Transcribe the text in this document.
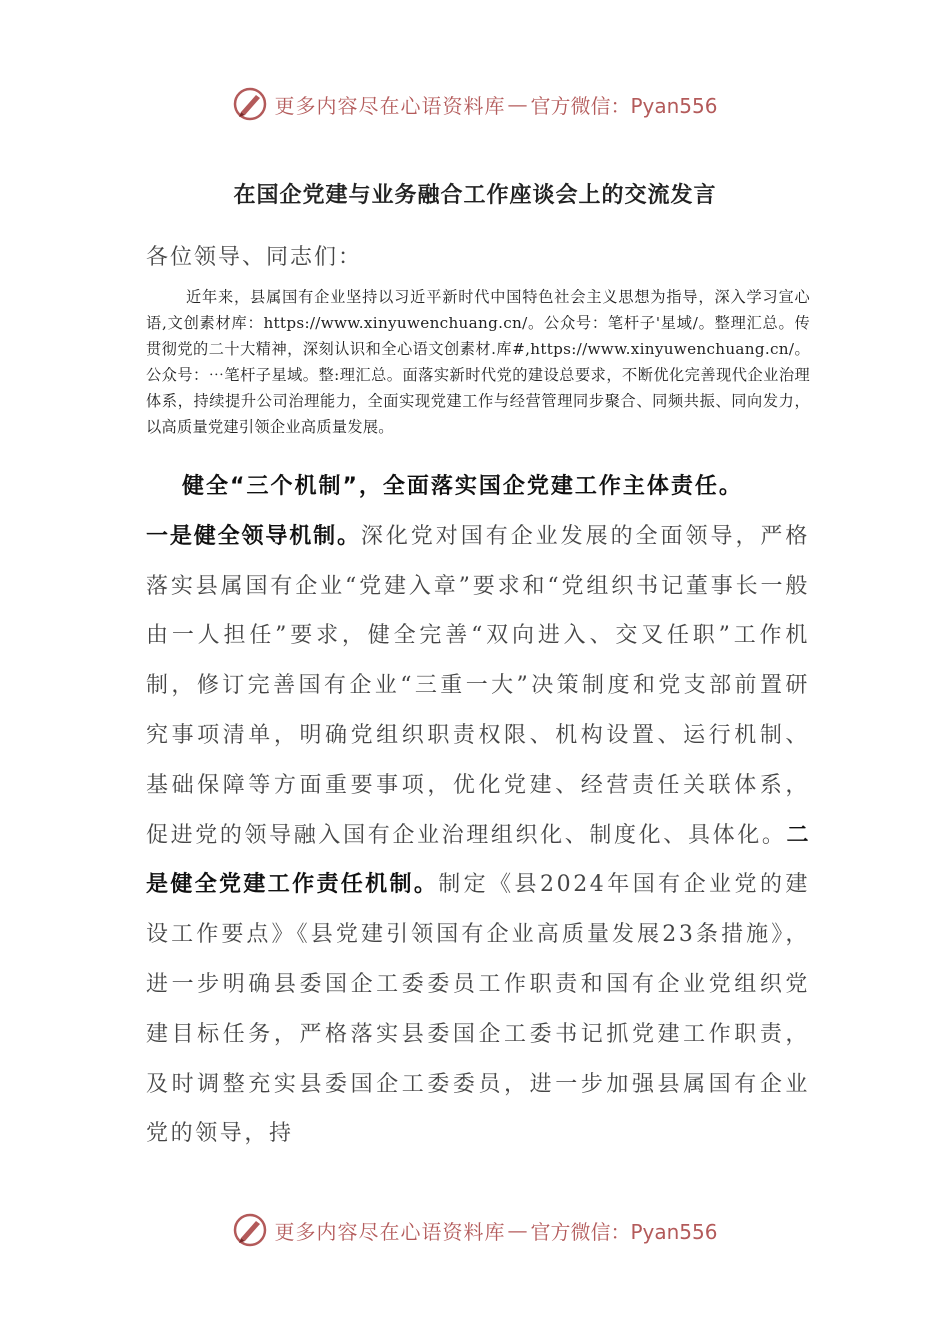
更多内容尽在心语资料库 — 官方微信：Pyan556
在国企党建与业务融合工作座谈会上的交流发言
各位领导、同志们：
近年来，县属国有企业坚持以习近平新时代中国特色社会主义思想为指导，深入学习宣心语,文创素材库：https://www.xinyuwenchuang.cn/。公众号：笔杆子'星域/。整理汇总。传贯彻党的二十大精神，深刻认识和全心语文创素材.库#,https://www.xinyuwenchuang.cn/。公众号：⋯笔杆子星域。整:理汇总。面落实新时代党的建设总要求，不断优化完善现代企业治理体系，持续提升公司治理能力，全面实现党建工作与经营管理同步聚合、同频共振、同向发力，以高质量党建引领企业高质量发展。
健全“三个机制”，全面落实国企党建工作主体责任。
一是健全领导机制。深化党对国有企业发展的全面领导，严格落实县属国有企业“党建入章”要求和“党组织书记董事长一般由一人担任”要求，健全完善“双向进入、交叉任职”工作机制，修订完善国有企业“三重一大”决策制度和党支部前置研究事项清单，明确党组织职责权限、机构设置、运行机制、基础保障等方面重要事项，优化党建、经营责任关联体系，促进党的领导融入国有企业治理组织化、制度化、具体化。二是健全党建工作责任机制。制定《县2024年国有企业党的建设工作要点》《县党建引领国有企业高质量发展23条措施》，进一步明确县委国企工委委员工作职责和国有企业党组织党建目标任务，严格落实县委国企工委书记抓党建工作职责，及时调整充实县委国企工委委员，进一步加强县属国有企业党的领导，持
更多内容尽在心语资料库 — 官方微信：Pyan556
